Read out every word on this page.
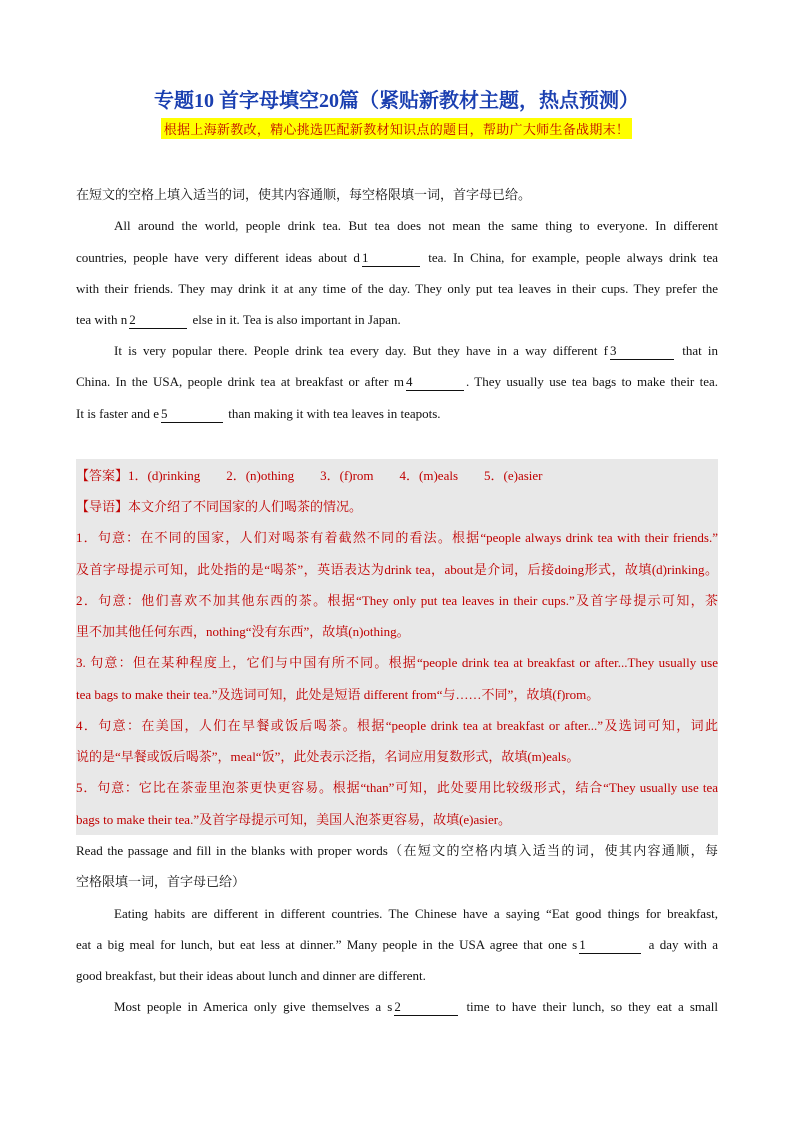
专题10 首字母填空20篇（紧贴新教材主题，热点预测）
根据上海新教改，精心挑选匹配新教材知识点的题目，帮助广大师生备战期末！
在短文的空格上填入适当的词，使其内容通顺，每空格限填一词，首字母已给。
All around the world, people drink tea. But tea does not mean the same thing to everyone. In different
countries, people have very different ideas about d 1	tea. In China, for example, people always drink tea
with their friends. They may drink it at any time of the day. They only put tea leaves in their cups. They prefer the
tea with n 2	else in it. Tea is also important in Japan.
It is very popular there. People drink tea every day. But they have in a way different f 3	that in
China. In the USA, people drink tea at breakfast or after m 4	. They usually use tea bags to make their tea.
It is faster and e 5	than making it with tea leaves in teapots.
【答案】1．(d)rinking　　2．(n)othing　　3．(f)rom　　4．(m)eals　　5．(e)asier
【导语】本文介绍了不同国家的人们喝茶的情况。
1．句意：在不同的国家，人们对喝茶有着截然不同的看法。根据“people always drink tea with their friends.”
及首字母提示可知，此处指的是“喝茶”，英语表达为drink tea，about是介词，后接doing形式，故填(d)rinking。
2．句意：他们喜欢不加其他东西的茶。根据“They only put tea leaves in their cups.”及首字母提示可知，茶
里不加其他任何东西，nothing“没有东西”，故填(n)othing。
3. 句意：但在某种程度上，它们与中国有所不同。根据“people drink tea at breakfast or after...They usually use
tea bags to make their tea.”及选词可知，此处是短语 different from“与……不同”，故填(f)rom。
4．句意：在美国，人们在早餐或饭后喝茶。根据“people drink tea at breakfast or after...”及选词可知，词此
说的是“早餐或饭后喝茶”，meal“饭”，此处表示泛指，名词应用复数形式，故填(m)eals。
5．句意：它比在茶壶里泡茶更快更容易。根据“than”可知，此处要用比较级形式，结合“They usually use tea
bags to make their tea.”及首字母提示可知，美国人泡茶更容易，故填(e)asier。
Read the passage and fill in the blanks with proper words（在短文的空格内填入适当的词，使其内容通顺，每
空格限填一词，首字母已给）
Eating habits are different in different countries. The Chinese have a saying “Eat good things for breakfast,
eat a big meal for lunch, but eat less at dinner.” Many people in the USA agree that one s 1	a day with a
good breakfast, but their ideas about lunch and dinner are different.
Most people in America only give themselves a s 2	time to have their lunch, so they eat a small
